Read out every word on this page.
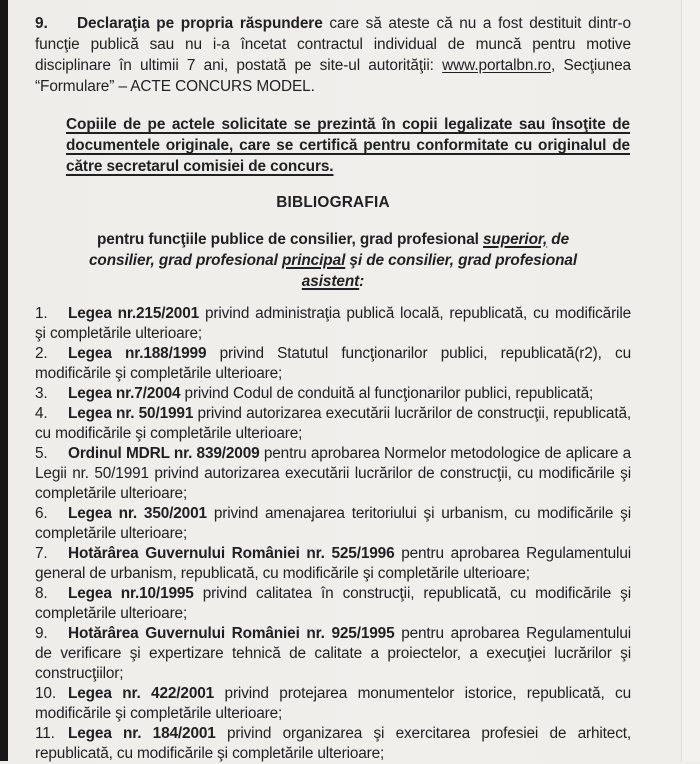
9. Declaraţia pe propria răspundere care să ateste că nu a fost destituit dintr-o funcţie publică sau nu i-a încetat contractul individual de muncă pentru motive disciplinare în ultimii 7 ani, postată pe site-ul autorităţii: www.portalbn.ro, Secţiunea “Formulare” – ACTE CONCURS MODEL.

Copiile de pe actele solicitate se prezintă în copii legalizate sau însoţite de documentele originale, care se certifică pentru conformitate cu originalul de către secretarul comisiei de concurs.

BIBLIOGRAFIA

pentru funcţiile publice de consilier, grad profesional superior, de consilier, grad profesional principal şi de consilier, grad profesional asistent:

1. Legea nr.215/2001 privind administraţia publică locală, republicată, cu modificările şi completările ulterioare;

2. Legea nr.188/1999 privind Statutul funcţionarilor publici, republicată(r2), cu modificările şi completările ulterioare;

3. Legea nr.7/2004 privind Codul de conduită al funcţionarilor publici, republicată;

4. Legea nr. 50/1991 privind autorizarea executării lucrărilor de construcţii, republicată, cu modificările şi completările ulterioare;

5. Ordinul MDRL nr. 839/2009 pentru aprobarea Normelor metodologice de aplicare a Legii nr. 50/1991 privind autorizarea executării lucrărilor de construcţii, cu modificările şi completările ulterioare;

6. Legea nr. 350/2001 privind amenajarea teritoriului şi urbanism, cu modificările şi completările ulterioare;

7. Hotărârea Guvernului României nr. 525/1996 pentru aprobarea Regulamentului general de urbanism, republicată, cu modificările şi completările ulterioare;

8. Legea nr.10/1995 privind calitatea în construcţii, republicată, cu modificările şi completările ulterioare;

9. Hotărârea Guvernului României nr. 925/1995 pentru aprobarea Regulamentului de verificare şi expertizare tehnică de calitate a proiectelor, a execuţiei lucrărilor şi construcţiilor;

10. Legea nr. 422/2001 privind protejarea monumentelor istorice, republicată, cu modificările şi completările ulterioare;

11. Legea nr. 184/2001 privind organizarea şi exercitarea profesiei de arhitect, republicată, cu modificările şi completările ulterioare;
